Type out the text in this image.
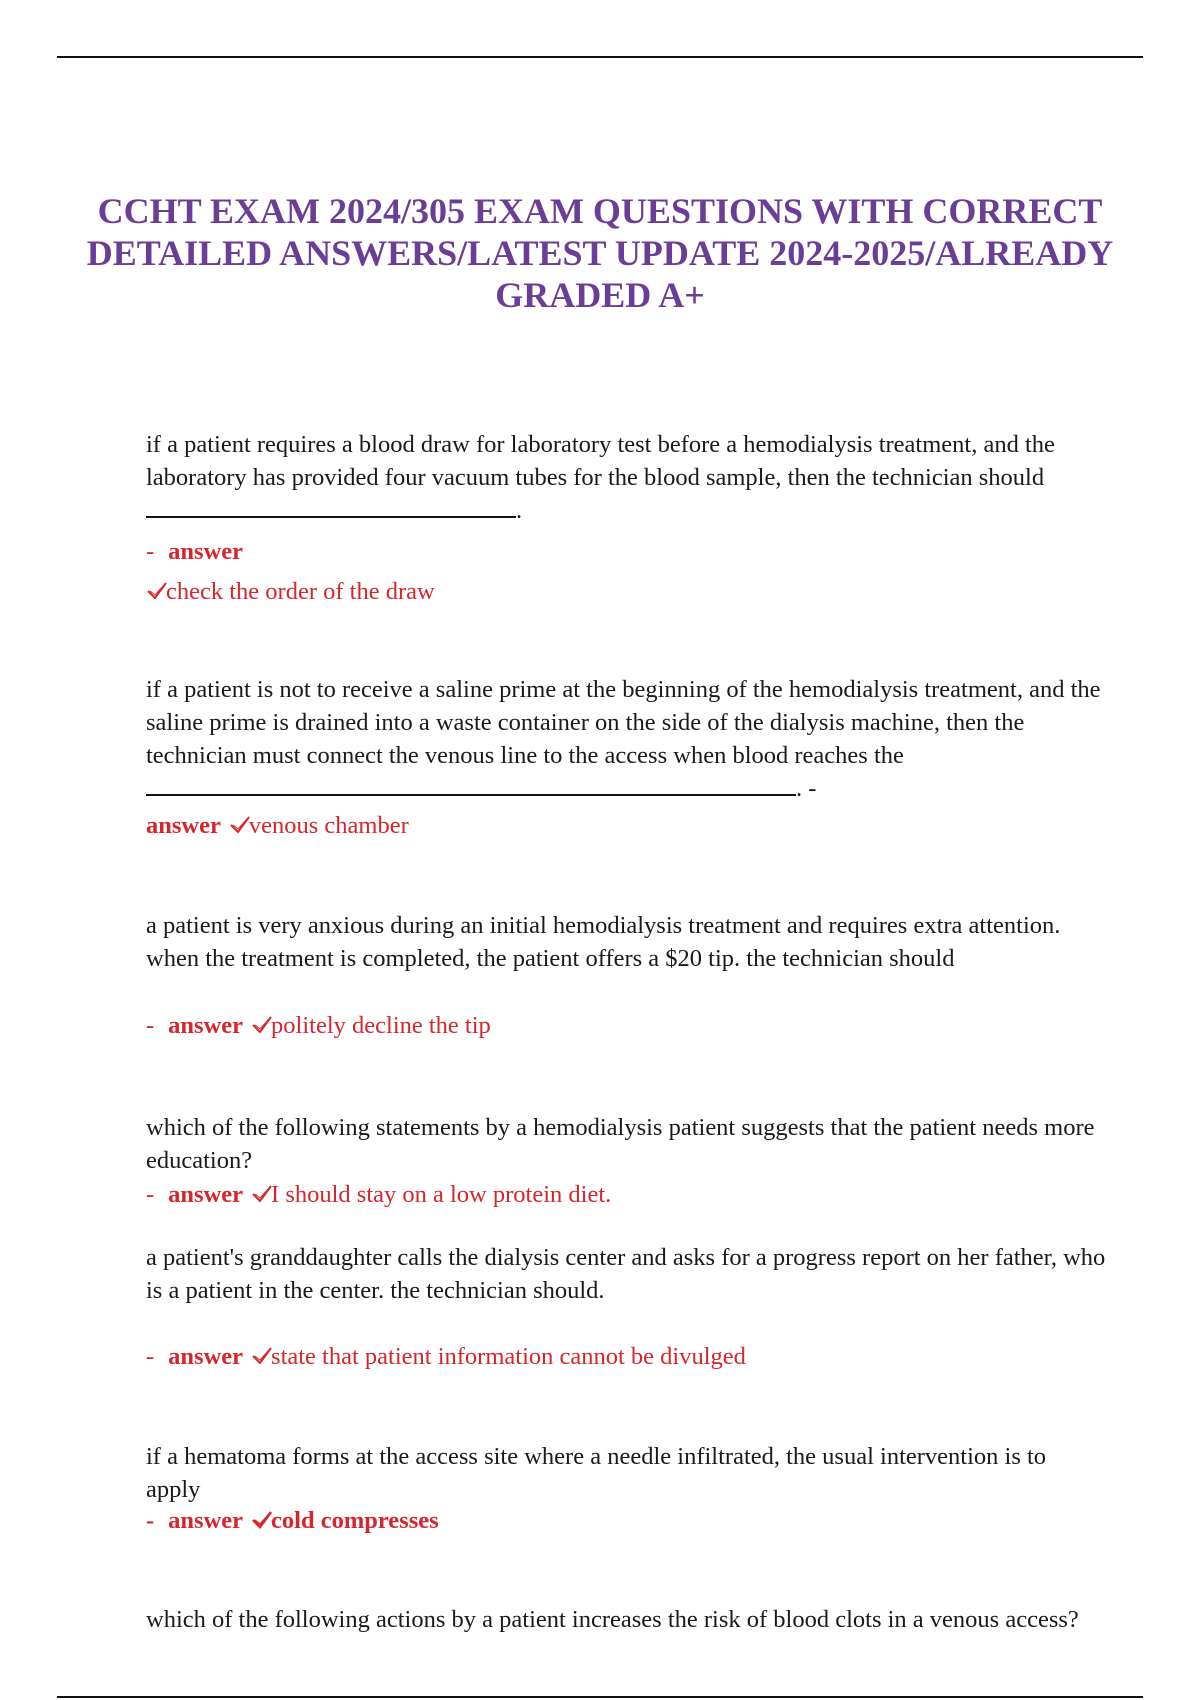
CCHT EXAM 2024/305 EXAM QUESTIONS WITH CORRECT DETAILED ANSWERS/LATEST UPDATE 2024-2025/ALREADY GRADED A+
if a patient requires a blood draw for laboratory test before a hemodialysis treatment, and the laboratory has provided four vacuum tubes for the blood sample, then the technician should.
- answer
check the order of the draw
if a patient is not to receive a saline prime at the beginning of the hemodialysis treatment, and the saline prime is drained into a waste container on the side of the dialysis machine, then the technician must connect the venous line to the access when blood reaches the. -
answer venous chamber
a patient is very anxious during an initial hemodialysis treatment and requires extra attention. when the treatment is completed, the patient offers a $20 tip. the technician should
- answer politely decline the tip
which of the following statements by a hemodialysis patient suggests that the patient needs more education?
- answer I should stay on a low protein diet.
a patient's granddaughter calls the dialysis center and asks for a progress report on her father, who is a patient in the center. the technician should.
- answer state that patient information cannot be divulged
if a hematoma forms at the access site where a needle infiltrated, the usual intervention is to apply
- answer cold compresses
which of the following actions by a patient increases the risk of blood clots in a venous access?
